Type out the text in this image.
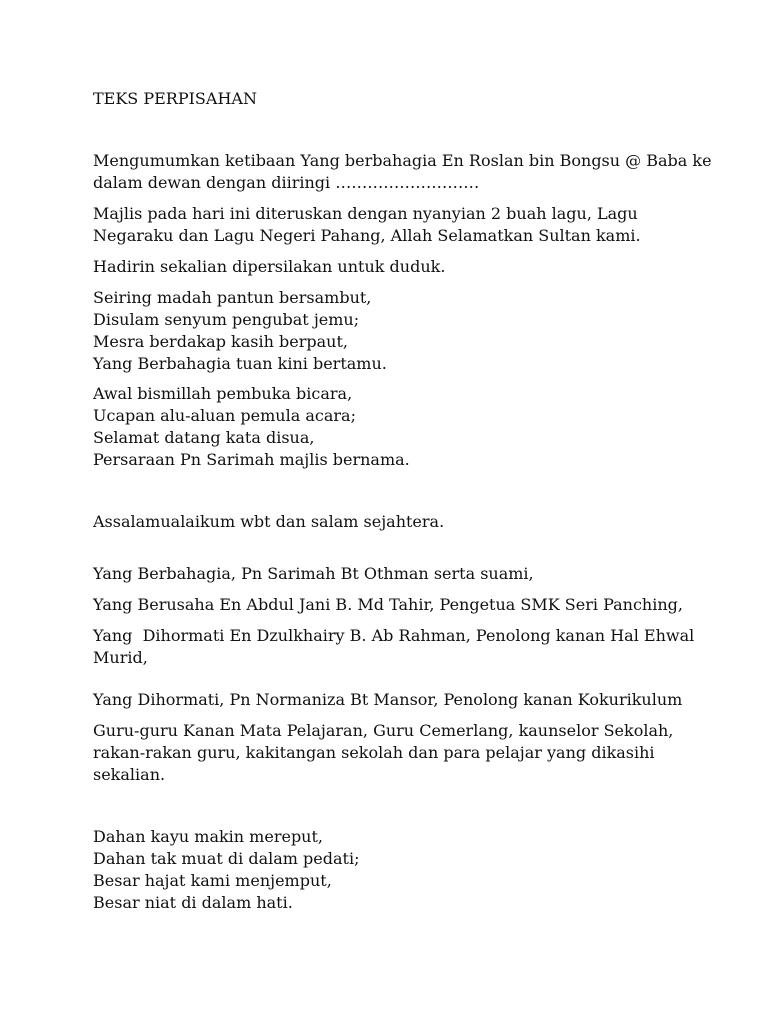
TEKS PERPISAHAN
Mengumumkan ketibaan Yang berbahagia En Roslan bin Bongsu @ Baba ke
dalam dewan dengan diiringi ………………………
Majlis pada hari ini diteruskan dengan nyanyian 2 buah lagu, Lagu
Negaraku dan Lagu Negeri Pahang, Allah Selamatkan Sultan kami.
Hadirin sekalian dipersilakan untuk duduk.
Seiring madah pantun bersambut,
Disulam senyum pengubat jemu;
Mesra berdakap kasih berpaut,
Yang Berbahagia tuan kini bertamu.
Awal bismillah pembuka bicara,
Ucapan alu-aluan pemula acara;
Selamat datang kata disua,
Persaraan Pn Sarimah majlis bernama.
Assalamualaikum wbt dan salam sejahtera.
Yang Berbahagia, Pn Sarimah Bt Othman serta suami,
Yang Berusaha En Abdul Jani B. Md Tahir, Pengetua SMK Seri Panching,
Yang  Dihormati En Dzulkhairy B. Ab Rahman, Penolong kanan Hal Ehwal
Murid,
Yang Dihormati, Pn Normaniza Bt Mansor, Penolong kanan Kokurikulum
Guru-guru Kanan Mata Pelajaran, Guru Cemerlang, kaunselor Sekolah,
rakan-rakan guru, kakitangan sekolah dan para pelajar yang dikasihi
sekalian.
Dahan kayu makin mereput,
Dahan tak muat di dalam pedati;
Besar hajat kami menjemput,
Besar niat di dalam hati.
